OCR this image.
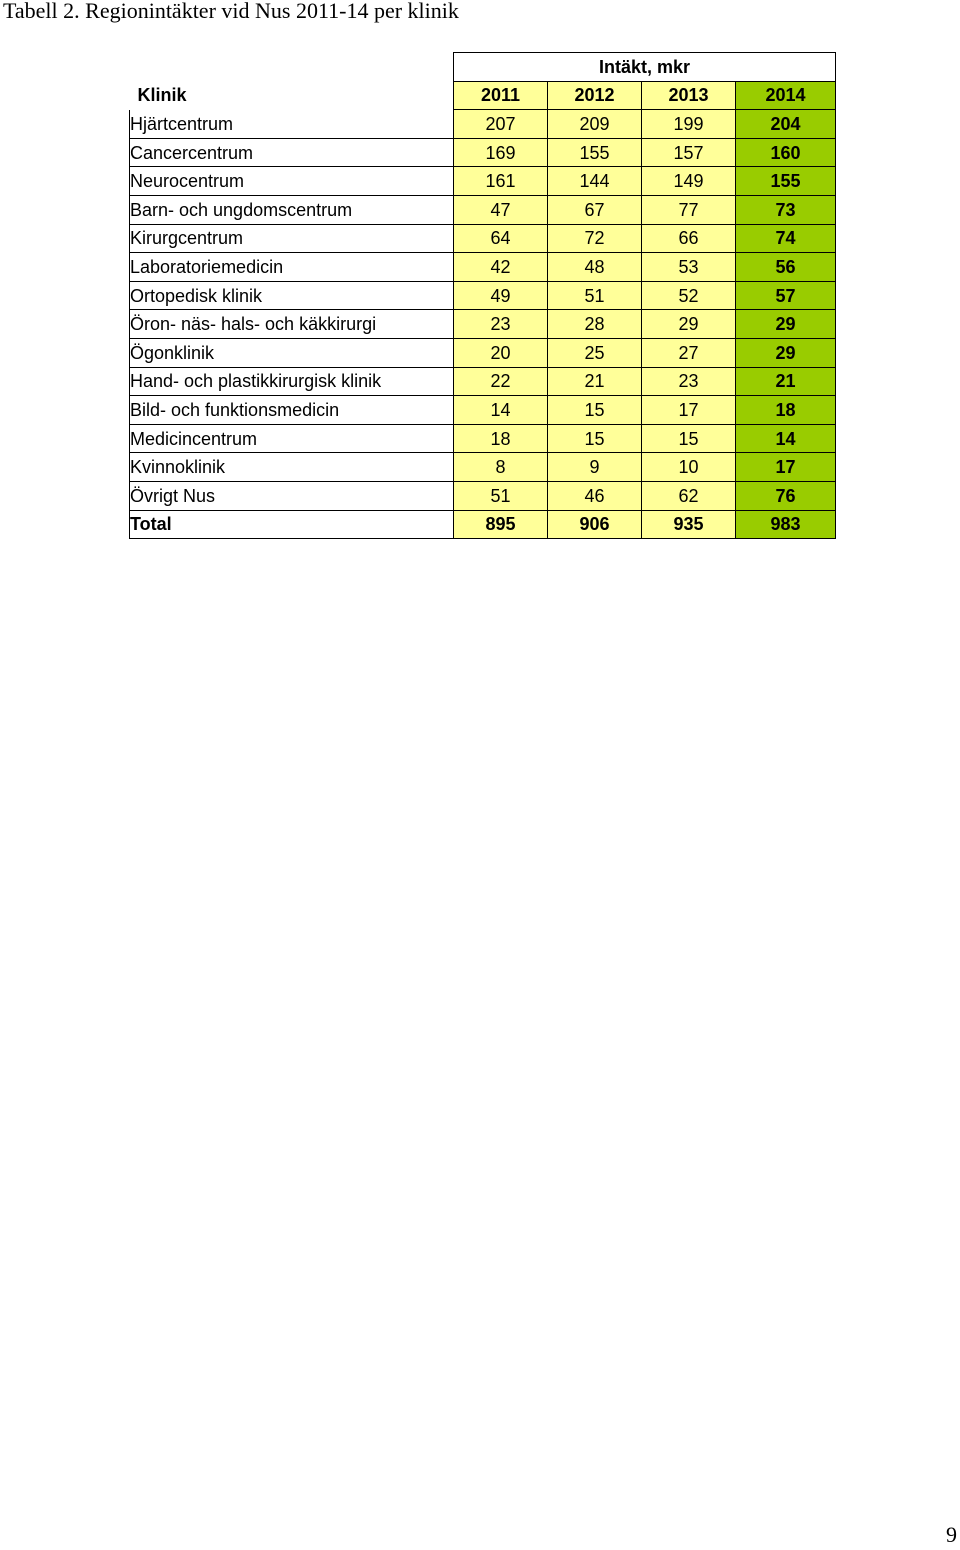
Tabell 2. Regionintäkter vid Nus 2011-14 per klinik
	Intäkt, mkr			
Klinik	2011	2012	2013	2014
Hjärtcentrum	207	209	199	204
Cancercentrum	169	155	157	160
Neurocentrum	161	144	149	155
Barn- och ungdomscentrum	47	67	77	73
Kirurgcentrum	64	72	66	74
Laboratoriemedicin	42	48	53	56
Ortopedisk klinik	49	51	52	57
Öron- näs- hals- och käkkirurgi	23	28	29	29
Ögonklinik	20	25	27	29
Hand- och plastikkirurgisk klinik	22	21	23	21
Bild- och funktionsmedicin	14	15	17	18
Medicincentrum	18	15	15	14
Kvinnoklinik	8	9	10	17
Övrigt Nus	51	46	62	76
Total	895	906	935	983
9
